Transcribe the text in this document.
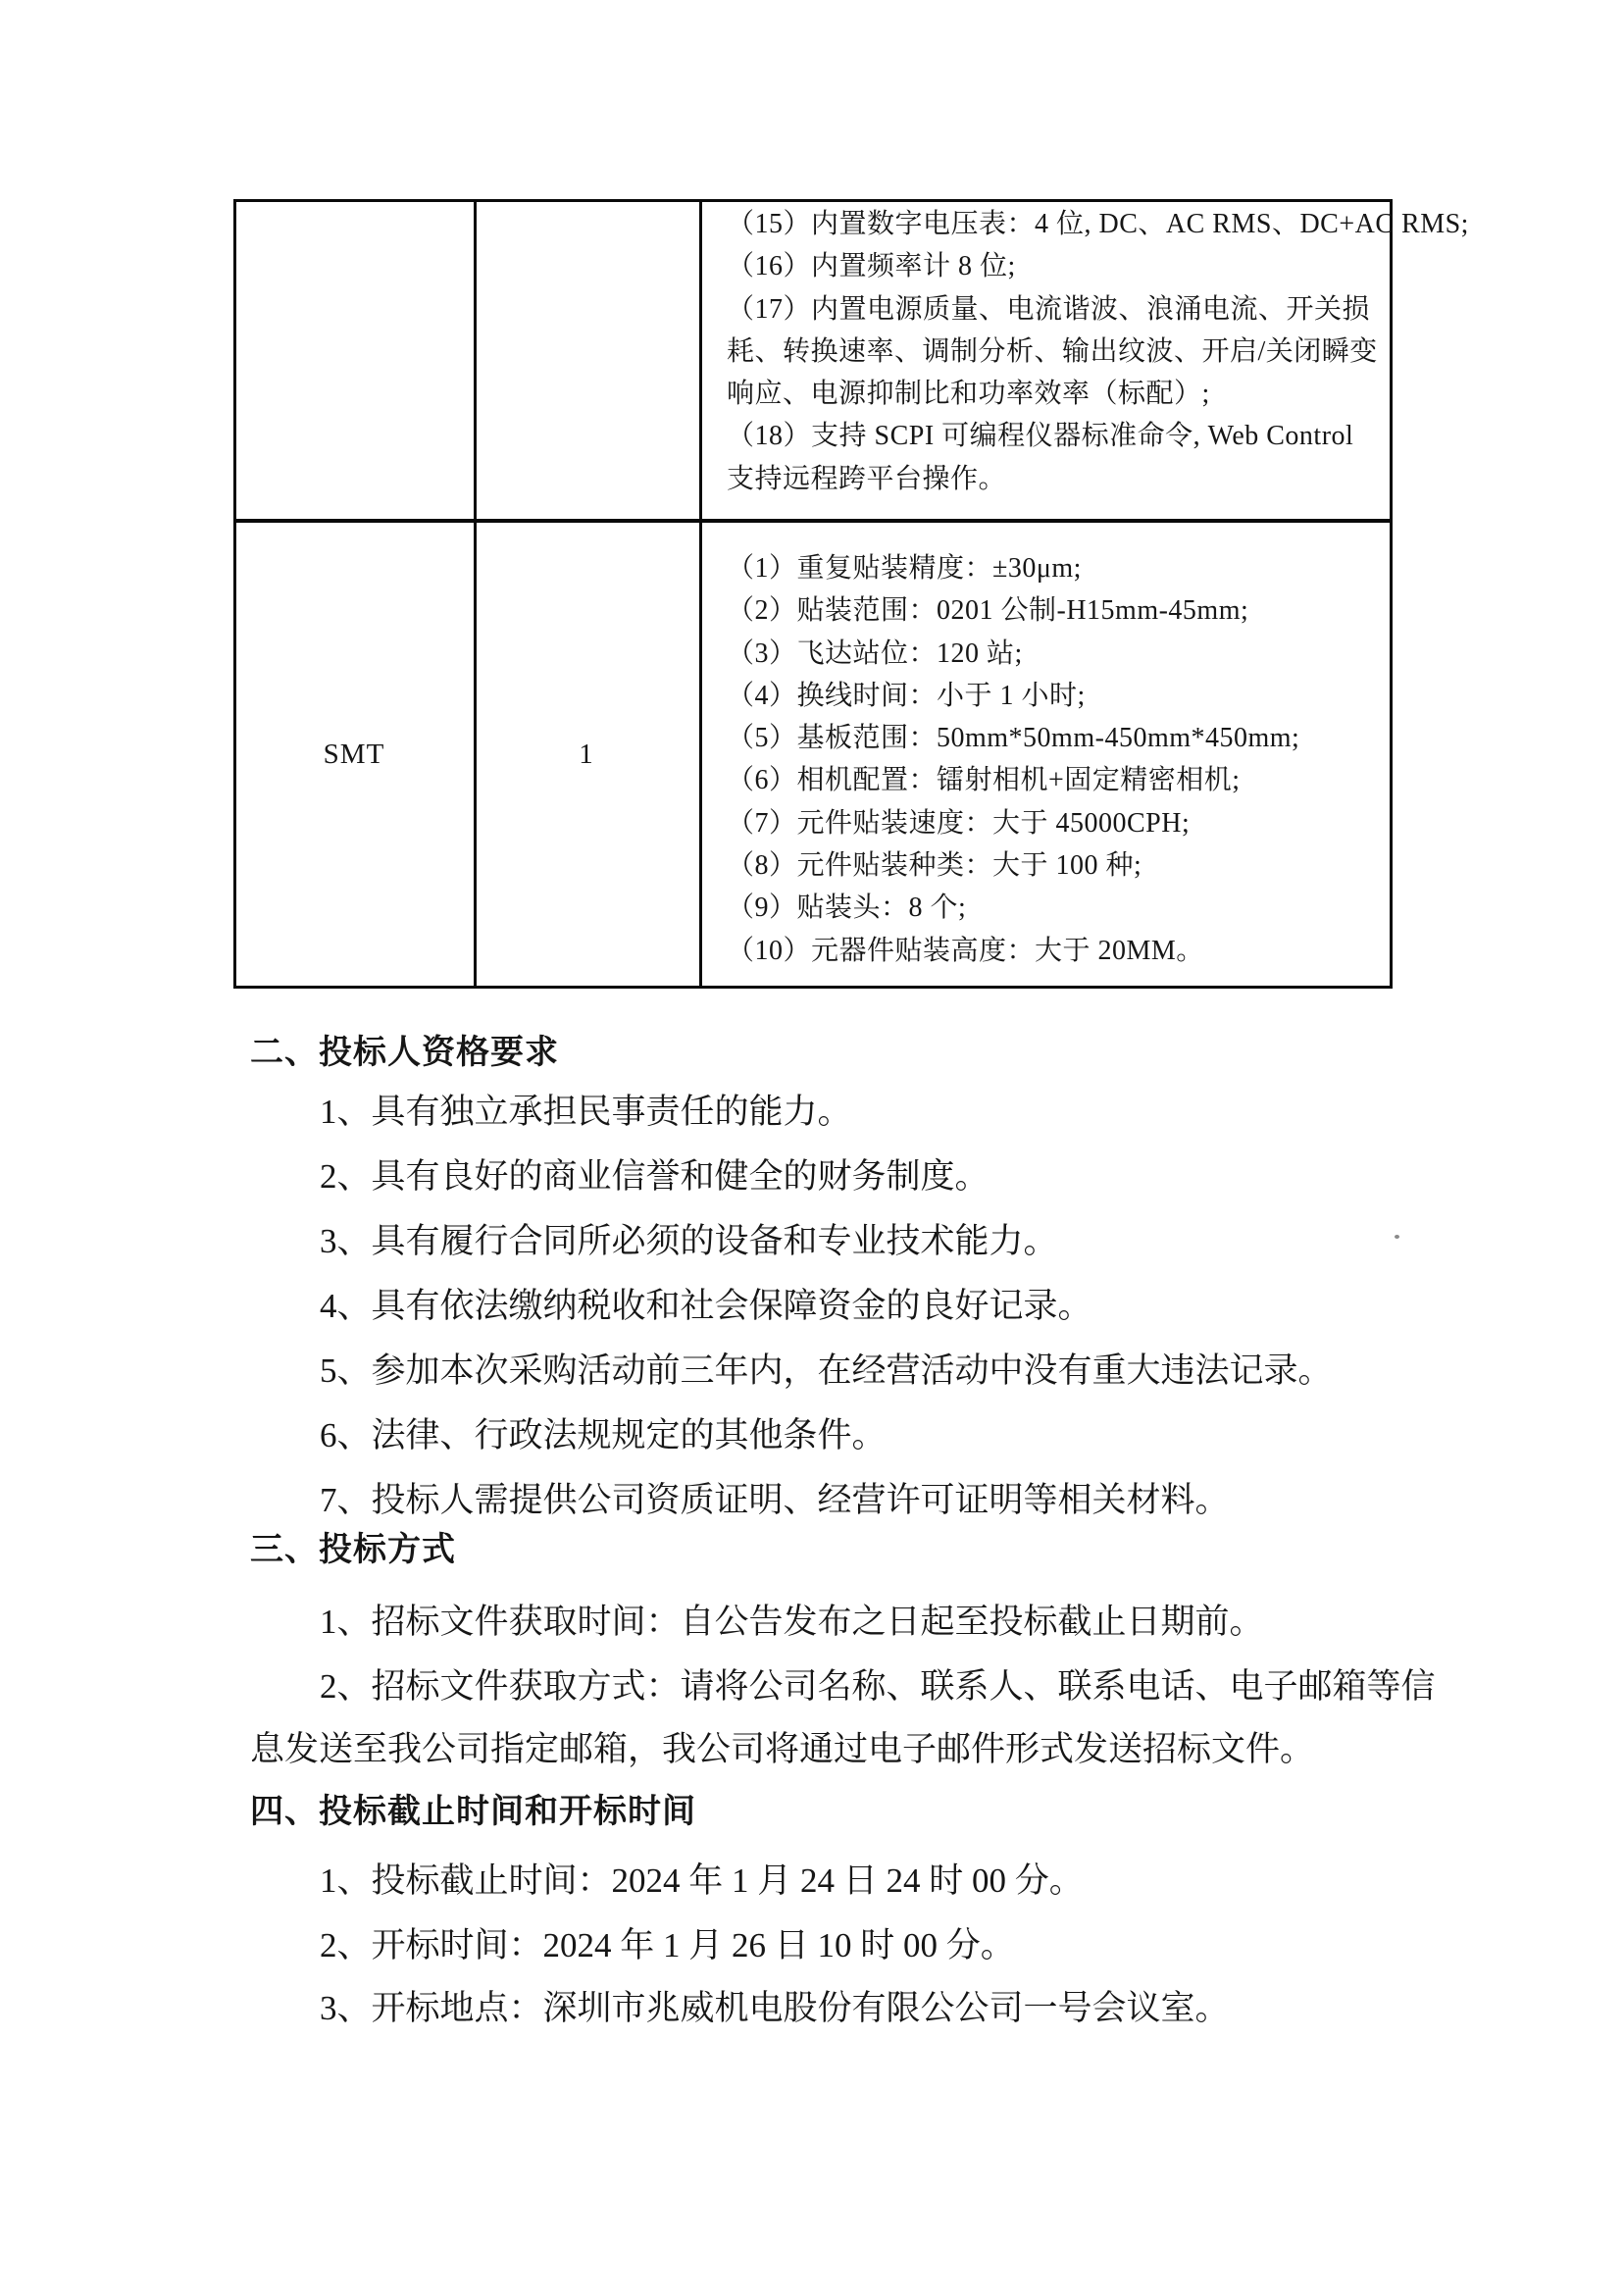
SMT	1
（15）内置数字电压表：4 位, DC、AC RMS、DC+AC RMS;
（16）内置频率计 8 位;
（17）内置电源质量、电流谐波、浪涌电流、开关损
耗、转换速率、调制分析、输出纹波、开启/关闭瞬变
响应、电源抑制比和功率效率（标配）;
（18）支持 SCPI 可编程仪器标准命令, Web Control
支持远程跨平台操作。
（1）重复贴装精度：±30μm;
（2）贴装范围：0201 公制-H15mm-45mm;
（3）飞达站位：120 站;
（4）换线时间：小于 1 小时;
（5）基板范围：50mm*50mm-450mm*450mm;
（6）相机配置：镭射相机+固定精密相机;
（7）元件贴装速度：大于 45000CPH;
（8）元件贴装种类：大于 100 种;
（9）贴装头：8 个;
（10）元器件贴装高度：大于 20MM。
二、投标人资格要求
1、具有独立承担民事责任的能力。
2、具有良好的商业信誉和健全的财务制度。
3、具有履行合同所必须的设备和专业技术能力。
4、具有依法缴纳税收和社会保障资金的良好记录。
5、参加本次采购活动前三年内，在经营活动中没有重大违法记录。
6、法律、行政法规规定的其他条件。
7、投标人需提供公司资质证明、经营许可证明等相关材料。
三、投标方式
1、招标文件获取时间：自公告发布之日起至投标截止日期前。
2、招标文件获取方式：请将公司名称、联系人、联系电话、电子邮箱等信
息发送至我公司指定邮箱，我公司将通过电子邮件形式发送招标文件。
四、投标截止时间和开标时间
1、投标截止时间：2024 年 1 月 24 日 24 时 00 分。
2、开标时间：2024 年 1 月 26 日 10 时 00 分。
3、开标地点：深圳市兆威机电股份有限公公司一号会议室。
